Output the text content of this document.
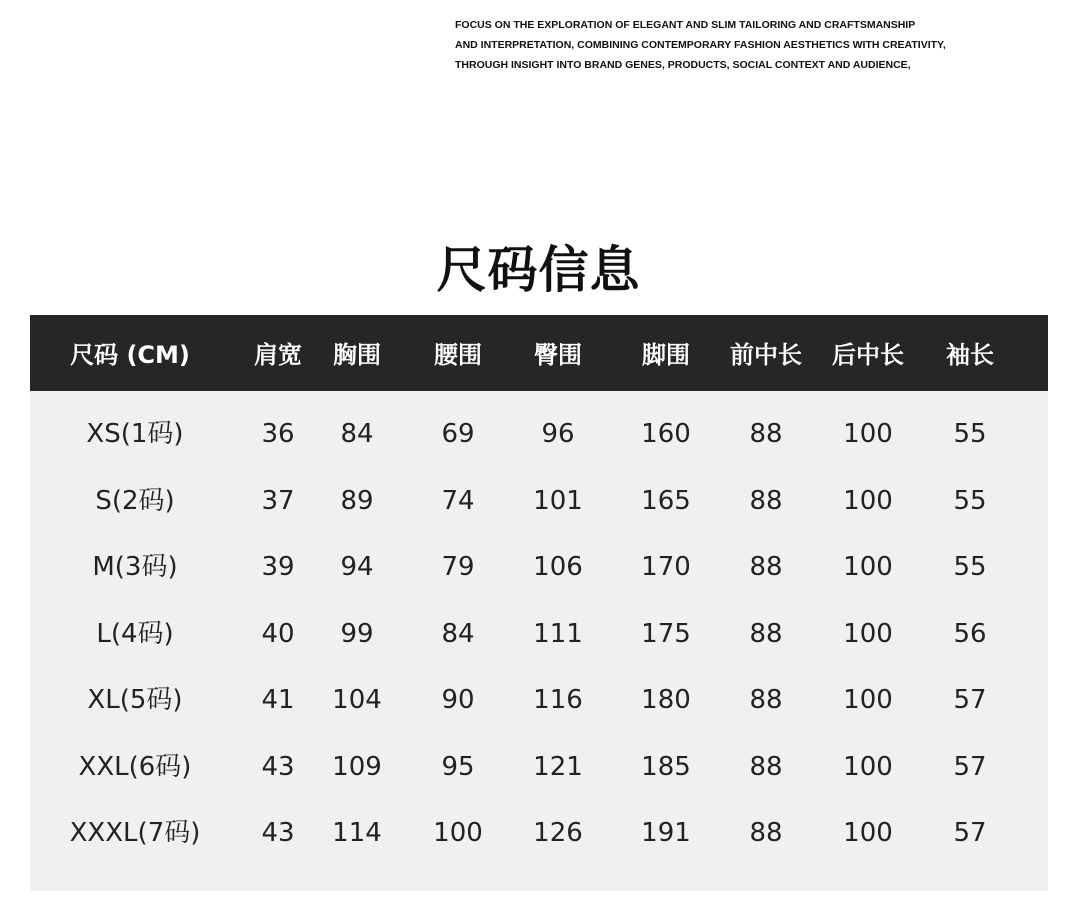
FOCUS ON THE EXPLORATION OF ELEGANT AND SLIM TAILORING AND CRAFTSMANSHIP
AND INTERPRETATION, COMBINING CONTEMPORARY FASHION AESTHETICS WITH CREATIVITY,
THROUGH INSIGHT INTO BRAND GENES, PRODUCTS, SOCIAL CONTEXT AND AUDIENCE,
尺码信息
尺码 (CM)	肩宽	胸围	腰围	臀围	脚围	前中长	后中长	袖长
XS(1码)	36	84	69	96	160	88	100	55
S(2码)	37	89	74	101	165	88	100	55
M(3码)	39	94	79	106	170	88	100	55
L(4码)	40	99	84	111	175	88	100	56
XL(5码)	41	104	90	116	180	88	100	57
XXL(6码)	43	109	95	121	185	88	100	57
XXXL(7码)	43	114	100	126	191	88	100	57
